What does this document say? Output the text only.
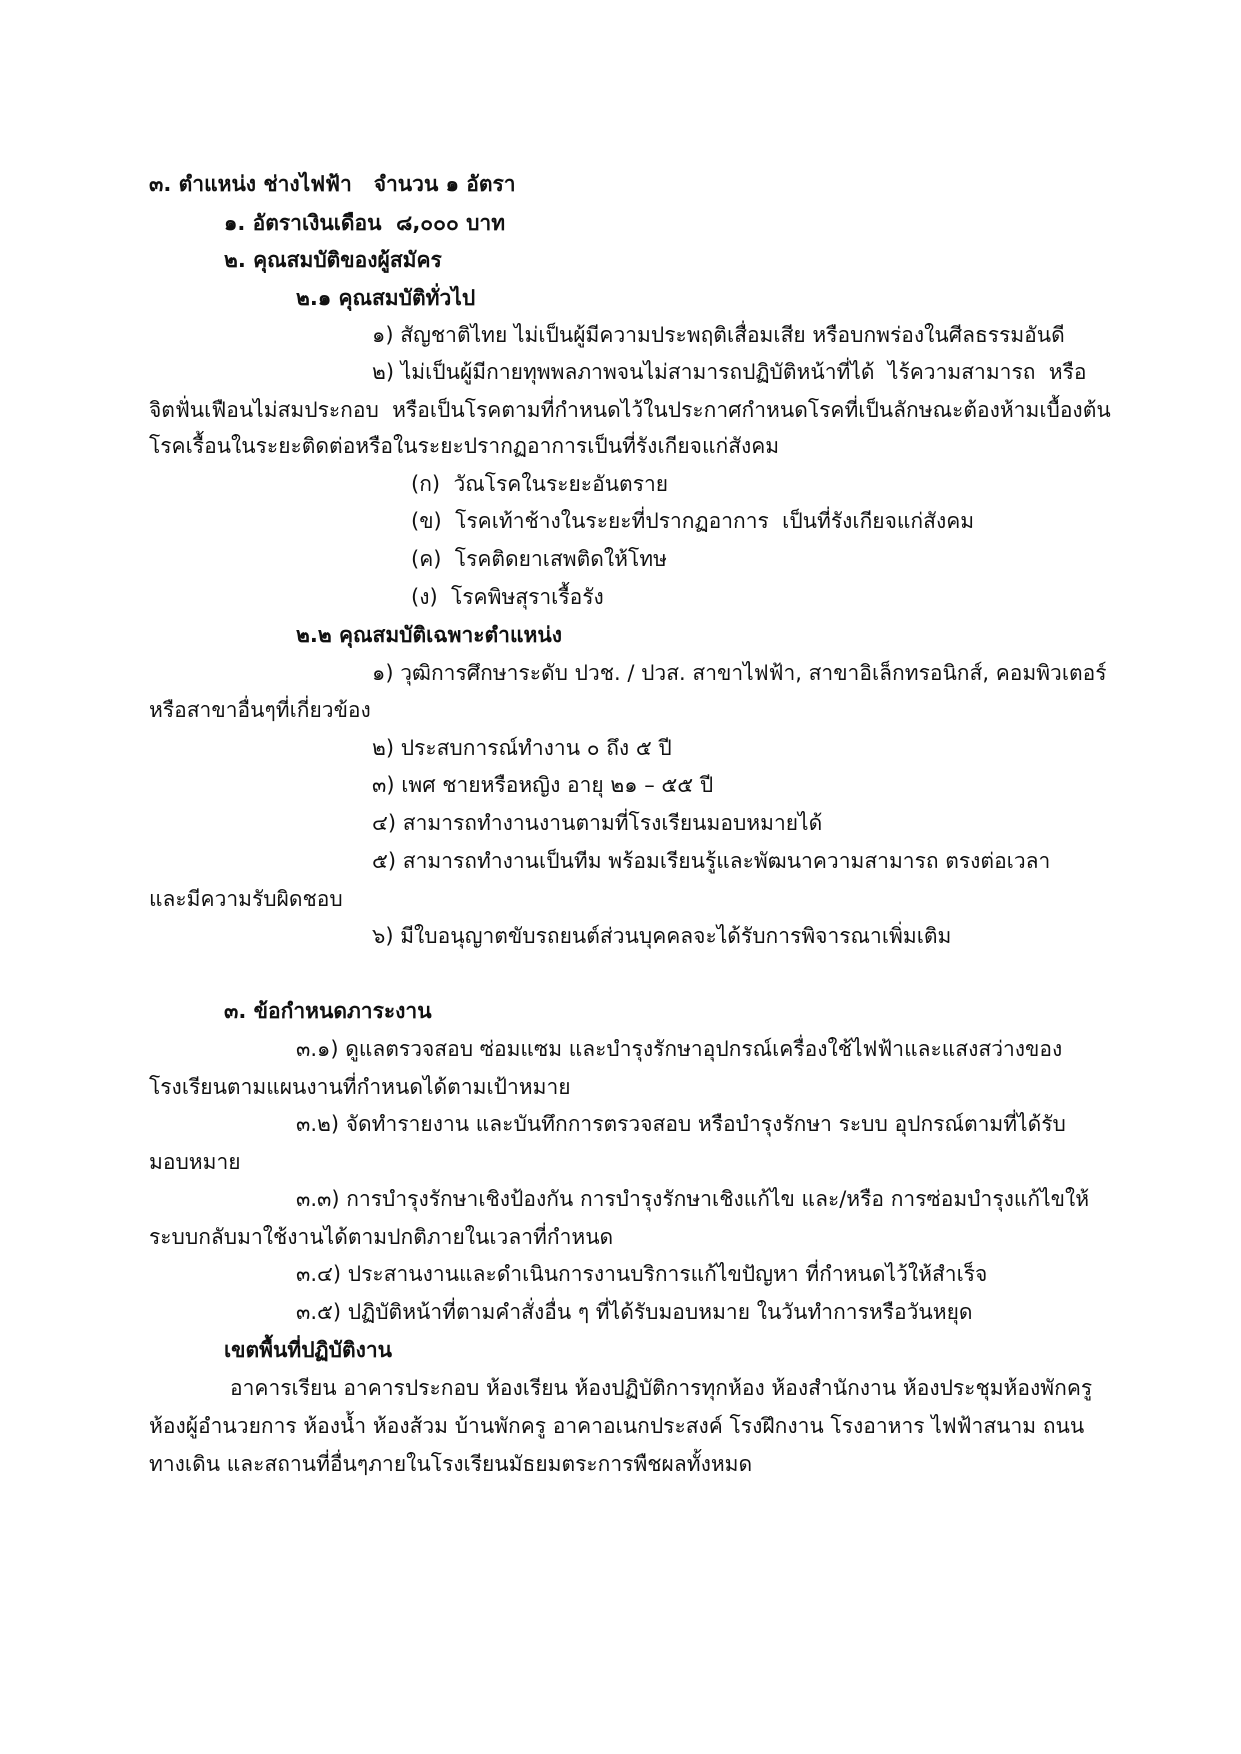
๓. ตำแหน่ง ช่างไฟฟ้า   จำนวน ๑ อัตรา
๑. อัตราเงินเดือน  ๘,๐๐๐ บาท
๒. คุณสมบัติของผู้สมัคร
๒.๑ คุณสมบัติทั่วไป
๑) สัญชาติไทย ไม่เป็นผู้มีความประพฤติเสื่อมเสีย หรือบกพร่องในศีลธรรมอันดี
๒) ไม่เป็นผู้มีกายทุพพลภาพจนไม่สามารถปฏิบัติหน้าที่ได้  ไร้ความสามารถ  หรือ
จิตฟั่นเฟือนไม่สมประกอบ  หรือเป็นโรคตามที่กำหนดไว้ในประกาศกำหนดโรคที่เป็นลักษณะต้องห้ามเบื้องต้น
โรคเรื้อนในระยะติดต่อหรือในระยะปรากฏอาการเป็นที่รังเกียจแก่สังคม
(ก)  วัณโรคในระยะอันตราย
(ข)  โรคเท้าช้างในระยะที่ปรากฏอาการ  เป็นที่รังเกียจแก่สังคม
(ค)  โรคติดยาเสพติดให้โทษ
(ง)  โรคพิษสุราเรื้อรัง
๒.๒ คุณสมบัติเฉพาะตำแหน่ง
๑) วุฒิการศึกษาระดับ ปวช. / ปวส. สาขาไฟฟ้า, สาขาอิเล็กทรอนิกส์, คอมพิวเตอร์
หรือสาขาอื่นๆที่เกี่ยวข้อง
๒) ประสบการณ์ทำงาน ๐ ถึง ๕ ปี
๓) เพศ ชายหรือหญิง อายุ ๒๑ – ๕๕ ปี
๔) สามารถทำงานงานตามที่โรงเรียนมอบหมายได้
๕) สามารถทำงานเป็นทีม พร้อมเรียนรู้และพัฒนาความสามารถ ตรงต่อเวลา
และมีความรับผิดชอบ
๖) มีใบอนุญาตขับรถยนต์ส่วนบุคคลจะได้รับการพิจารณาเพิ่มเติม
๓. ข้อกำหนดภาระงาน
๓.๑) ดูแลตรวจสอบ ซ่อมแซม และบำรุงรักษาอุปกรณ์เครื่องใช้ไฟฟ้าและแสงสว่างของ
โรงเรียนตามแผนงานที่กำหนดได้ตามเป้าหมาย
๓.๒) จัดทำรายงาน และบันทึกการตรวจสอบ หรือบำรุงรักษา ระบบ อุปกรณ์ตามที่ได้รับ
มอบหมาย
๓.๓) การบำรุงรักษาเชิงป้องกัน การบำรุงรักษาเชิงแก้ไข และ/หรือ การซ่อมบำรุงแก้ไขให้
ระบบกลับมาใช้งานได้ตามปกติภายในเวลาที่กำหนด
๓.๔) ประสานงานและดำเนินการงานบริการแก้ไขปัญหา ที่กำหนดไว้ให้สำเร็จ
๓.๕) ปฏิบัติหน้าที่ตามคำสั่งอื่น ๆ ที่ได้รับมอบหมาย ในวันทำการหรือวันหยุด
เขตพื้นที่ปฏิบัติงาน
อาคารเรียน อาคารประกอบ ห้องเรียน ห้องปฏิบัติการทุกห้อง ห้องสำนักงาน ห้องประชุมห้องพักครู
ห้องผู้อำนวยการ ห้องน้ำ ห้องส้วม บ้านพักครู อาคาอเนกประสงค์ โรงฝึกงาน โรงอาหาร ไฟฟ้าสนาม ถนน
ทางเดิน และสถานที่อื่นๆภายในโรงเรียนมัธยมตระการพืชผลทั้งหมด
